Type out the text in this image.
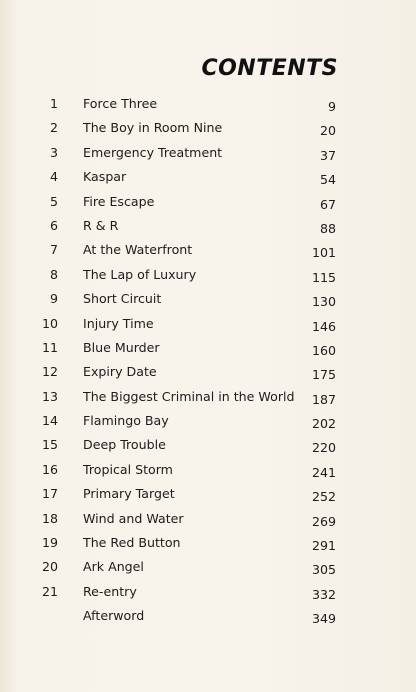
CONTENTS
1 Force Three	9
2 The Boy in Room Nine	20
3 Emergency Treatment	37
4 Kaspar	54
5 Fire Escape	67
6 R & R	88
7 At the Waterfront	101
8 The Lap of Luxury	115
9 Short Circuit	130
10 Injury Time	146
11 Blue Murder	160
12 Expiry Date	175
13 The Biggest Criminal in the World	187
14 Flamingo Bay	202
15 Deep Trouble	220
16 Tropical Storm	241
17 Primary Target	252
18 Wind and Water	269
19 The Red Button	291
20 Ark Angel	305
21 Re-entry	332
Afterword	349
